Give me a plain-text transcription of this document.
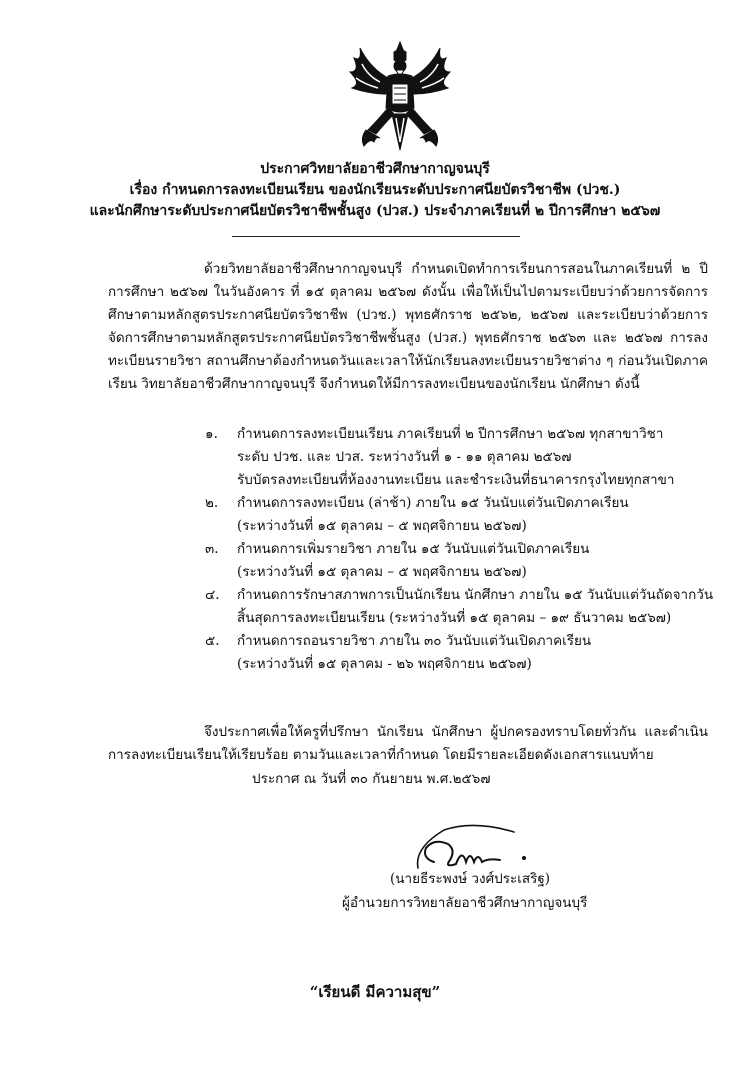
ประกาศวิทยาลัยอาชีวศึกษากาญจนบุรี
เรื่อง กำหนดการลงทะเบียนเรียน ของนักเรียนระดับประกาศนียบัตรวิชาชีพ (ปวช.)
และนักศึกษาระดับประกาศนียบัตรวิชาชีพชั้นสูง (ปวส.) ประจำภาคเรียนที่ ๒ ปีการศึกษา ๒๕๖๗

ด้วยวิทยาลัยอาชีวศึกษากาญจนบุรี กำหนดเปิดทำการเรียนการสอนในภาคเรียนที่ ๒ ปีการศึกษา ๒๕๖๗ ในวันอังคาร ที่ ๑๕ ตุลาคม ๒๕๖๗ ดังนั้น เพื่อให้เป็นไปตามระเบียบว่าด้วยการจัดการศึกษาตามหลักสูตรประกาศนียบัตรวิชาชีพ (ปวช.) พุทธศักราช ๒๕๖๒, ๒๕๖๗ และระเบียบว่าด้วยการจัดการศึกษาตามหลักสูตรประกาศนียบัตรวิชาชีพชั้นสูง (ปวส.) พุทธศักราช ๒๕๖๓ และ ๒๕๖๗ การลงทะเบียนรายวิชา สถานศึกษาต้องกำหนดวันและเวลาให้นักเรียนลงทะเบียนรายวิชาต่าง ๆ ก่อนวันเปิดภาคเรียน วิทยาลัยอาชีวศึกษากาญจนบุรี จึงกำหนดให้มีการลงทะเบียนของนักเรียน นักศึกษา ดังนี้

๑. กำหนดการลงทะเบียนเรียน ภาคเรียนที่ ๒ ปีการศึกษา ๒๕๖๗ ทุกสาขาวิชา
ระดับ ปวช. และ ปวส. ระหว่างวันที่ ๑ - ๑๑ ตุลาคม ๒๕๖๗
รับบัตรลงทะเบียนที่ห้องงานทะเบียน และชำระเงินที่ธนาคารกรุงไทยทุกสาขา
๒. กำหนดการลงทะเบียน (ล่าช้า) ภายใน ๑๕ วันนับแต่วันเปิดภาคเรียน
(ระหว่างวันที่ ๑๕ ตุลาคม – ๕ พฤศจิกายน ๒๕๖๗)
๓. กำหนดการเพิ่มรายวิชา ภายใน ๑๕ วันนับแต่วันเปิดภาคเรียน
(ระหว่างวันที่ ๑๕ ตุลาคม – ๕ พฤศจิกายน ๒๕๖๗)
๔. กำหนดการรักษาสภาพการเป็นนักเรียน นักศึกษา ภายใน ๑๕ วันนับแต่วันถัดจากวัน
สิ้นสุดการลงทะเบียนเรียน (ระหว่างวันที่ ๑๕ ตุลาคม – ๑๙ ธันวาคม ๒๕๖๗)
๕. กำหนดการถอนรายวิชา ภายใน ๓๐ วันนับแต่วันเปิดภาคเรียน
(ระหว่างวันที่ ๑๕ ตุลาคม - ๒๖ พฤศจิกายน ๒๕๖๗)

จึงประกาศเพื่อให้ครูที่ปรึกษา นักเรียน นักศึกษา ผู้ปกครองทราบโดยทั่วกัน และดำเนินการลงทะเบียนเรียนให้เรียบร้อย ตามวันและเวลาที่กำหนด โดยมีรายละเอียดดังเอกสารแนบท้าย

ประกาศ ณ วันที่ ๓๐ กันยายน พ.ศ.๒๕๖๗
(นายธีระพงษ์ วงศ์ประเสริฐ)
ผู้อำนวยการวิทยาลัยอาชีวศึกษากาญจนบุรี
“เรียนดี มีความสุข”
